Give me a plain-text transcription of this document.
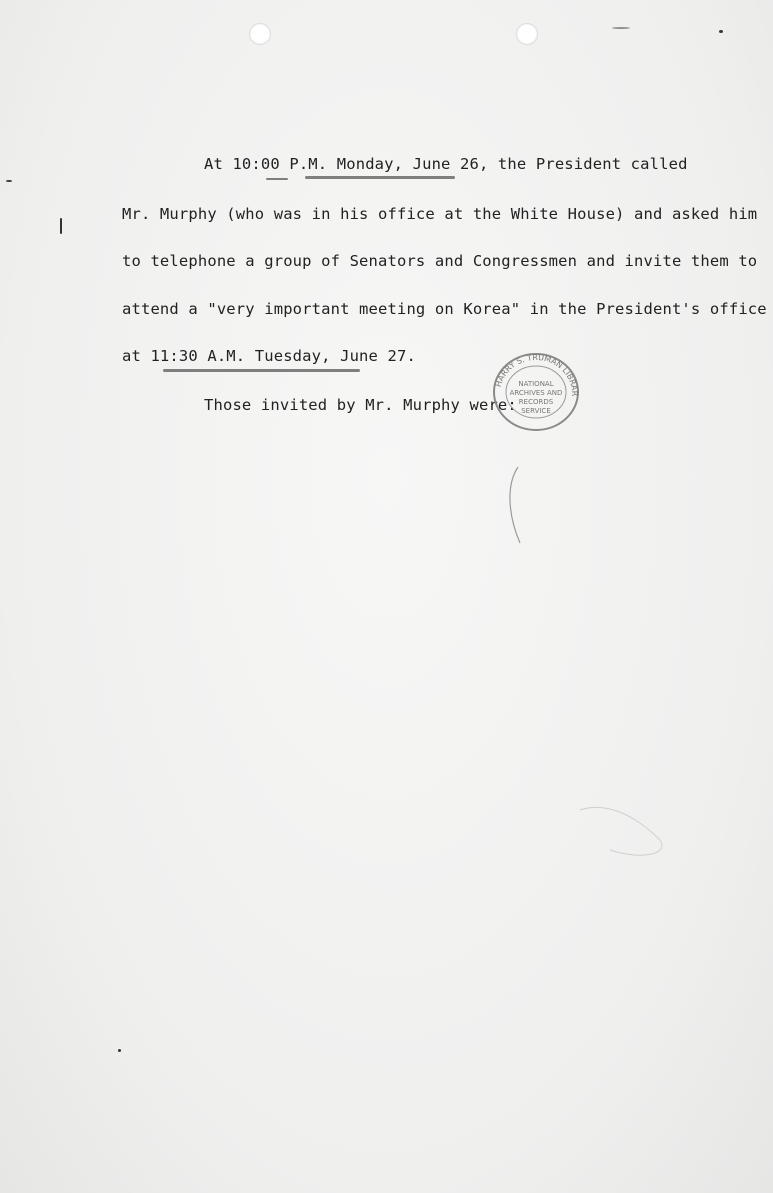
At 10:00 P.M. Monday, June 26, the President called
Mr. Murphy (who was in his office at the White House) and asked him
to telephone a group of Senators and Congressmen and invite them to
attend a "very important meeting on Korea" in the President's office
at 11:30 A.M. Tuesday, June 27.
Those invited by Mr. Murphy were:
HARRY S. TRUMAN LIBRAR
NATIONAL
ARCHIVES AND
RECORDS
SERVICE
